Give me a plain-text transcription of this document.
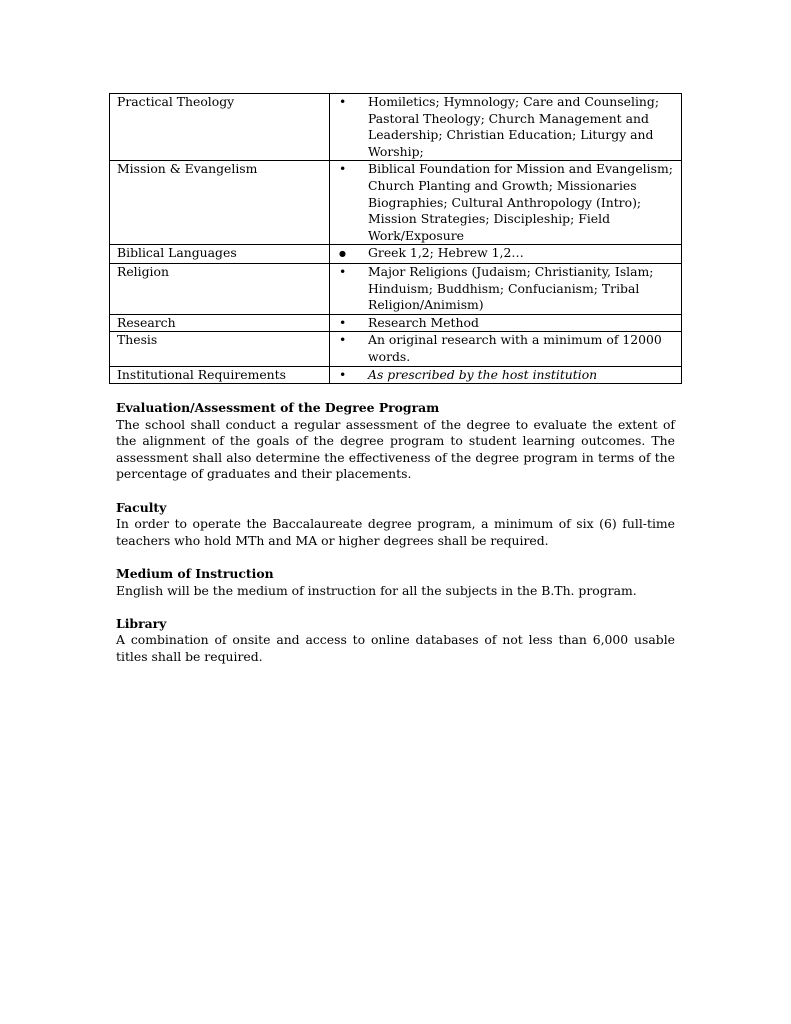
Practical Theology	
•Homiletics; Hymnology; Care and Counseling; Pastoral Theology; Church Management and Leadership; Christian Education; Liturgy and Worship;

Mission & Evangelism	
•Biblical Foundation for Mission and Evangelism; Church Planting and Growth; Missionaries Biographies; Cultural Anthropology (Intro); Mission Strategies; Discipleship; Field Work/Exposure

Biblical Languages	
●Greek 1,2; Hebrew 1,2…

Religion	
•Major Religions (Judaism; Christianity, Islam; Hinduism; Buddhism; Confucianism; Tribal Religion/Animism)

Research	
•Research Method

Thesis	
•An original research with a minimum of 12000 words.

Institutional Requirements	
•As prescribed by the host institution
Evaluation/Assessment of the Degree Program

The school shall conduct a regular assessment of the degree to evaluate the extent of the alignment of the goals of the degree program to student learning outcomes. The assessment shall also determine the effectiveness of the degree program in terms of the percentage of graduates and their placements.

Faculty

In order to operate the Baccalaureate degree program, a minimum of six (6) full-time teachers who hold MTh and MA or higher degrees shall be required.

Medium of Instruction

English will be the medium of instruction for all the subjects in the B.Th. program.

Library

A combination of onsite and access to online databases of not less than 6,000 usable titles shall be required.
